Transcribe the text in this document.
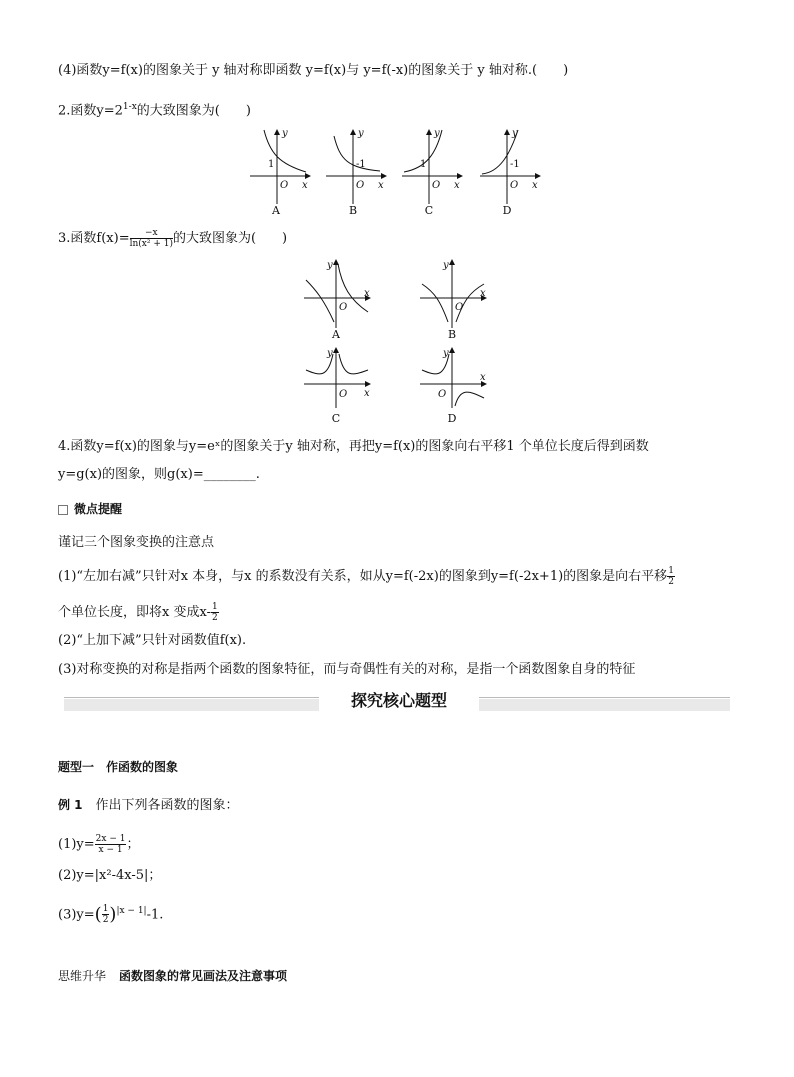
(4)函数y=f(x)的图象关于 y 轴对称即函数 y=f(x)与 y=f(-x)的图象关于 y 轴对称.(　　)
2.函数$y=2^{1-x}$的大致图象为(　　)
y
x
O
1
y
x
O
-1
y
x
O
1
y
x
O
-1
A	B	C	D
3.函数$f(x)= \frac{-x}{\text{ln(x² + 1)}}$ 的大致图象为(　　)
y
x
O
y
x
O
y
x
O
y
x
O
A	B
C	D
4.函数y=f(x)的图象与y=eˣ的图象关于y 轴对称，再把y=f(x)的图象向右平移1 个单位长度后得到函数
y=g(x)的图象，则g(x)=________.
微点提醒
谨记三个图象变换的注意点
(1)“左加右减”只针对x 本身，与x 的系数没有关系，如从y=f(-2x)的图象到y=f(-2x+1)的图象是向右平移 $\frac{1}{2}$
个单位长度，即将x 变成$x- \frac{1}{2}$
(2)“上加下减”只针对函数值f(x).
(3)对称变换的对称是指两个函数的图象特征，而与奇偶性有关的对称，是指一个函数图象自身的特征
探究核心题型
题型一　作函数的图象
例 1　 作出下列各函数的图象：
$(1)y= \frac{2x - 1}{x - 1}$ ；
(2)y=|x²-4x-5|；
$(3)y=( \frac{1}{2} )^{|x - 1|}-1$.
思维升华　 函数图象的常见画法及注意事项
